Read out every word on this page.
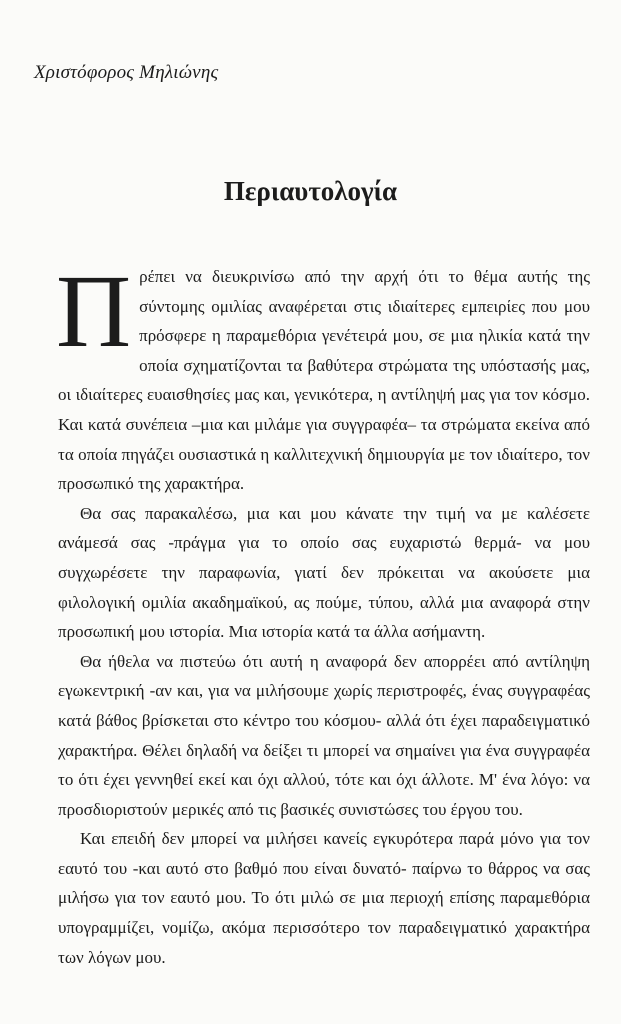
Χριστόφορος Μηλιώνης
Περιαυτολογία

Πρέπει να διευκρινίσω από την αρχή ότι το θέμα αυτής της σύντομης ομιλίας αναφέρεται στις ιδιαίτερες εμπειρίες που μου πρόσφερε η παραμεθόρια γενέτειρά μου, σε μια ηλικία κατά την οποία σχηματίζονται τα βαθύτερα στρώματα της υπόστασής μας, οι ιδιαίτερες ευαισθησίες μας και, γενικότερα, η αντίληψή μας για τον κόσμο. Και κατά συνέπεια –μια και μιλάμε για συγγραφέα– τα στρώματα εκείνα από τα οποία πηγάζει ουσιαστικά η καλλιτεχνική δημιουργία με τον ιδιαίτερο, τον προσωπικό της χαρακτήρα.

Θα σας παρακαλέσω, μια και μου κάνατε την τιμή να με καλέσετε ανάμεσά σας -πράγμα για το οποίο σας ευχαριστώ θερμά- να μου συγχωρέσετε την παραφωνία, γιατί δεν πρόκειται να ακούσετε μια φιλολογική ομιλία ακαδημαϊκού, ας πούμε, τύπου, αλλά μια αναφορά στην προσωπική μου ιστορία. Μια ιστορία κατά τα άλλα ασήμαντη.

Θα ήθελα να πιστεύω ότι αυτή η αναφορά δεν απορρέει από αντίληψη εγωκεντρική -αν και, για να μιλήσουμε χωρίς περιστροφές, ένας συγγραφέας κατά βάθος βρίσκεται στο κέντρο του κόσμου- αλλά ότι έχει παραδειγματικό χαρακτήρα. Θέλει δηλαδή να δείξει τι μπορεί να σημαίνει για ένα συγγραφέα το ότι έχει γεννηθεί εκεί και όχι αλλού, τότε και όχι άλλοτε. Μ' ένα λόγο: να προσδιοριστούν μερικές από τις βασικές συνιστώσες του έργου του.

Και επειδή δεν μπορεί να μιλήσει κανείς εγκυρότερα παρά μόνο για τον εαυτό του -και αυτό στο βαθμό που είναι δυνατό- παίρνω το θάρρος να σας μιλήσω για τον εαυτό μου. Το ότι μιλώ σε μια περιοχή επίσης παραμεθόρια υπογραμμίζει, νομίζω, ακόμα περισσότερο τον παραδειγματικό χαρακτήρα των λόγων μου.
